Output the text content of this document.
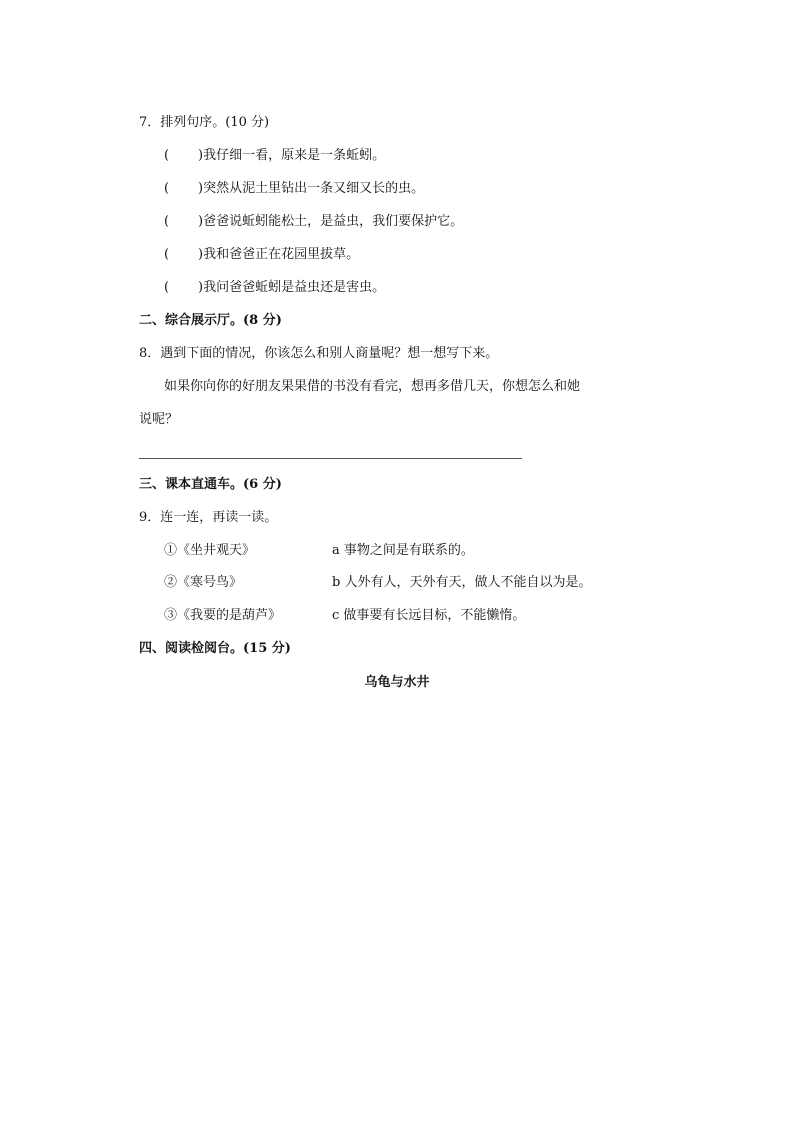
7．排列句序。(10 分)
( )我仔细一看，原来是一条蚯蚓。
( )突然从泥土里钻出一条又细又长的虫。
( )爸爸说蚯蚓能松土，是益虫，我们要保护它。
( )我和爸爸正在花园里拔草。
( )我问爸爸蚯蚓是益虫还是害虫。
二、综合展示厅。(8 分)
8．遇到下面的情况，你该怎么和别人商量呢？想一想写下来。
如果你向你的好朋友果果借的书没有看完，想再多借几天，你想怎么和她
说呢？
三、课本直通车。(6 分)
9．连一连，再读一读。
①《坐井观天》	a 事物之间是有联系的。
②《寒号鸟》	b 人外有人，天外有天，做人不能自以为是。
③《我要的是葫芦》	c 做事要有长远目标，不能懒惰。
四、阅读检阅台。(15 分)
乌龟与水井
